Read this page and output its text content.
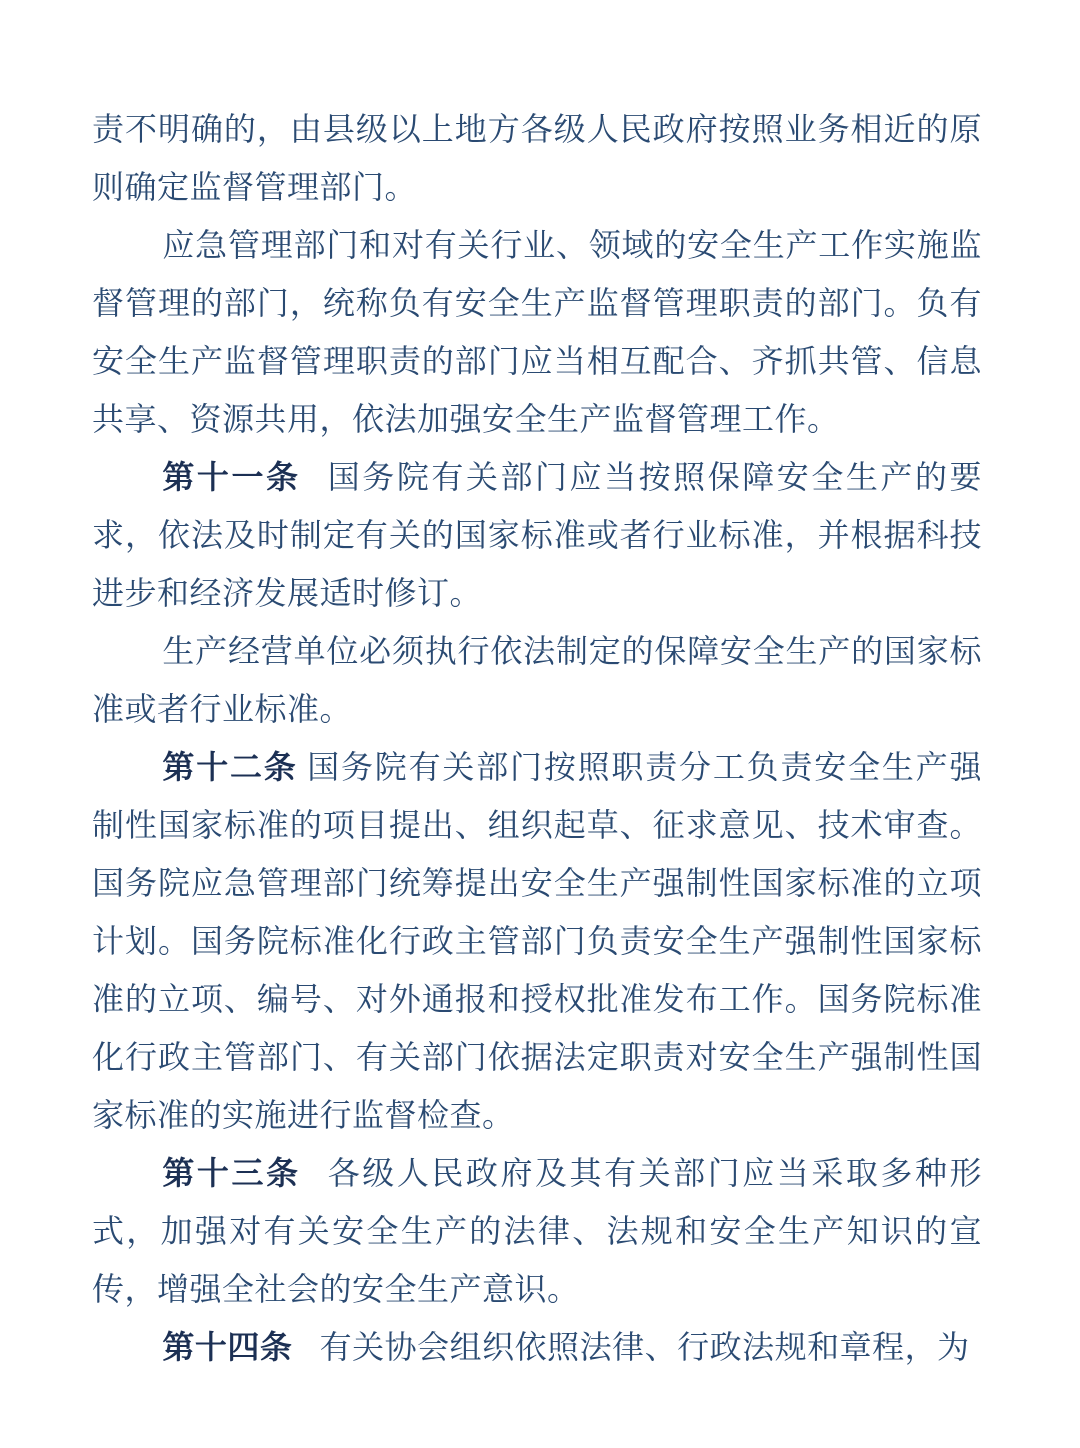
责不明确的，由县级以上地方各级人民政府按照业务相近的原则确定监督管理部门。

应急管理部门和对有关行业、领域的安全生产工作实施监督管理的部门，统称负有安全生产监督管理职责的部门。负有安全生产监督管理职责的部门应当相互配合、齐抓共管、信息共享、资源共用，依法加强安全生产监督管理工作。

第十一条 国务院有关部门应当按照保障安全生产的要求，依法及时制定有关的国家标准或者行业标准，并根据科技进步和经济发展适时修订。

生产经营单位必须执行依法制定的保障安全生产的国家标准或者行业标准。

第十二条 国务院有关部门按照职责分工负责安全生产强制性国家标准的项目提出、组织起草、征求意见、技术审查。国务院应急管理部门统筹提出安全生产强制性国家标准的立项计划。国务院标准化行政主管部门负责安全生产强制性国家标准的立项、编号、对外通报和授权批准发布工作。国务院标准化行政主管部门、有关部门依据法定职责对安全生产强制性国家标准的实施进行监督检查。

第十三条 各级人民政府及其有关部门应当采取多种形式，加强对有关安全生产的法律、法规和安全生产知识的宣传，增强全社会的安全生产意识。

第十四条 有关协会组织依照法律、行政法规和章程，为
